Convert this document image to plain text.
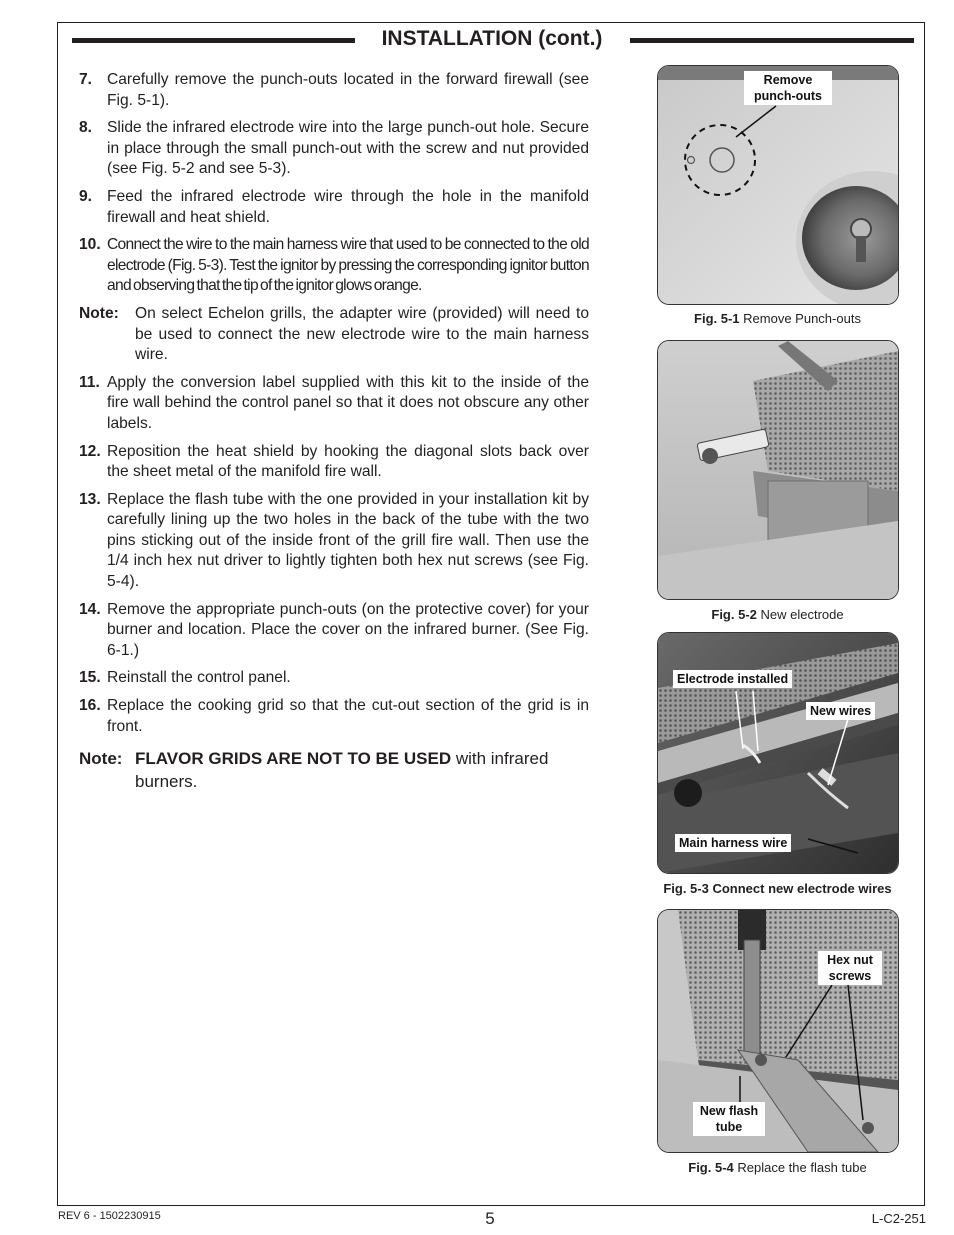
INSTALLATION (cont.)
7. Carefully remove the punch-outs located in the forward firewall (see Fig. 5-1).
8. Slide the infrared electrode wire into the large punch-out hole. Secure in place through the small punch-out with the screw and nut provided (see Fig. 5-2 and see 5-3).
9. Feed the infrared electrode wire through the hole in the manifold firewall and heat shield.
10. Connect the wire to the main harness wire that used to be connected to the old electrode (Fig. 5-3). Test the ignitor by pressing the corresponding ignitor button and observing that the tip of the ignitor glows orange.
Note: On select Echelon grills, the adapter wire (provided) will need to be used to connect the new electrode wire to the main harness wire.
11. Apply the conversion label supplied with this kit to the inside of the fire wall behind the control panel so that it does not obscure any other labels.
12. Reposition the heat shield by hooking the diagonal slots back over the sheet metal of the manifold fire wall.
13. Replace the flash tube with the one provided in your installation kit by carefully lining up the two holes in the back of the tube with the two pins sticking out of the inside front of the grill fire wall. Then use the 1/4 inch hex nut driver to lightly tighten both hex nut screws (see Fig. 5-4).
14. Remove the appropriate punch-outs (on the protective cover) for your burner and location. Place the cover on the infrared burner. (See Fig. 6-1.)
15. Reinstall the control panel.
16. Replace the cooking grid so that the cut-out section of the grid is in front.
Note: FLAVOR GRIDS ARE NOT TO BE USED with infrared burners.
Remove
punch-outs
Fig. 5-1 Remove Punch-outs
Fig. 5-2 New electrode
Electrode installed
New wires
Main harness wire
Fig. 5-3 Connect new electrode wires
Hex nut
screws
New flash
tube
Fig. 5-4 Replace the flash tube
REV 6 - 1502230915	5	L-C2-251
